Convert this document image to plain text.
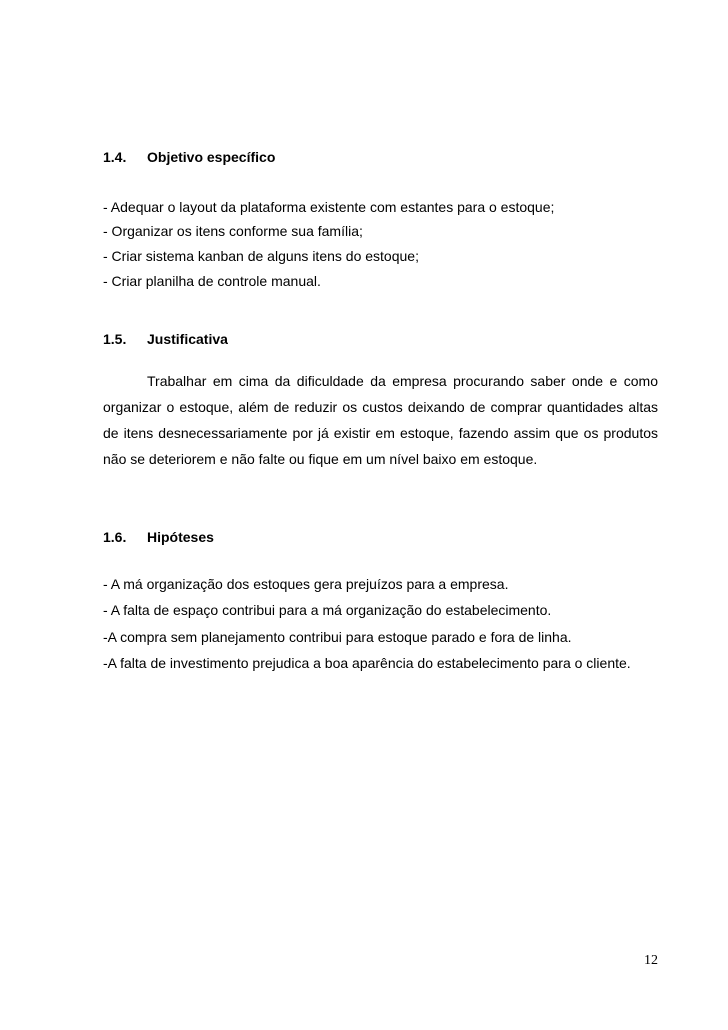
1.4. Objetivo específico
- Adequar o layout da plataforma existente com estantes para o estoque;
- Organizar os itens conforme sua família;
- Criar sistema kanban de alguns itens do estoque;
- Criar planilha de controle manual.
1.5. Justificativa
Trabalhar em cima da dificuldade da empresa procurando saber onde e como organizar o estoque, além de reduzir os custos deixando de comprar quantidades altas de itens desnecessariamente por já existir em estoque, fazendo assim que os produtos não se deteriorem e não falte ou fique em um nível baixo em estoque.
1.6. Hipóteses
- A má organização dos estoques gera prejuízos para a empresa.
- A falta de espaço contribui para a má organização do estabelecimento.
-A compra sem planejamento contribui para estoque parado e fora de linha.
-A falta de investimento prejudica a boa aparência do estabelecimento para o cliente.
12
